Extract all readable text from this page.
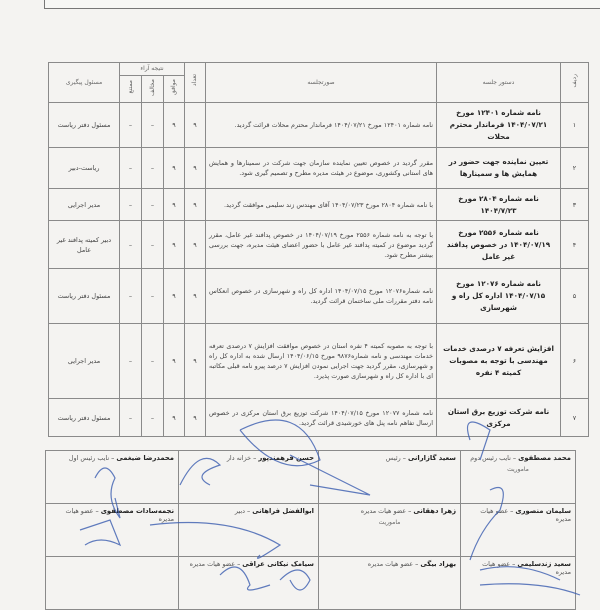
ردیف	دستور جلسه	صورتجلسه	تعداد	نتیجه آراء			مسئول پیگیری
				موافق	مخالف	ممتنع	
۱	نامه شماره ۱۲۴۰۱ مورخ ۱۴۰۴/۰۷/۲۱ فرماندار محترم محلات	نامه شماره ۱۲۴۰۱ مورخ ۱۴۰۴/۰۷/۲۱ فرماندار محترم محلات قرائت گردید.	۹	۹	–	–	مسئول دفتر ریاست
۲	تعیین نماینده جهت حضور در همایش ها و سمینارها	مقرر گردید در خصوص تعیین نماینده سازمان جهت شرکت در سمینارها و همایش های استانی وکشوری، موضوع در هیئت مدیره مطرح و تصمیم گیری شود.	۹	۹	–	–	ریاست-دبیر
۳	نامه شماره ۲۸۰۴ مورخ ۱۴۰۴/۷/۲۳	با نامه شماره ۲۸۰۴ مورخ ۱۴۰۴/۰۷/۲۳ آقای مهندس زند سلیمی موافقت گردید.	۹	۹	–	–	مدیر اجرایی
۴	نامه شماره ۲۵۵۶ مورخ ۱۴۰۴/۰۷/۱۹ در خصوص پدافند غیر عامل	با توجه به نامه شماره ۲۵۵۶ مورخ ۱۴۰۴/۰۷/۱۹ در خصوص پدافند غیر عامل، مقرر گردید موضوع در کمیته پدافند غیر عامل با حضور اعضای هیئت مدیره، جهت بررسی بیشتر مطرح شود.	۹	۹	–	–	دبیر کمیته پدافند غیر عامل
۵	نامه شماره ۱۲۰۷۶ مورخ ۱۴۰۴/۰۷/۱۵ اداره کل راه و شهرسازی	نامه شماره۱۲۰۷۶ مورخ ۱۴۰۴/۰۷/۱۵ اداره کل راه و شهرسازی در خصوص انعکاس نامه دفتر مقررات ملی ساختمان قرائت گردید.	۹	۹	–	–	مسئول دفتر ریاست
۶	افزایش تعرفه ۷ درصدی خدمات مهندسی با توجه به مصوبات کمیته ۴ نفره	با توجه به مصوبه کمیته ۴ نفره استان در خصوص موافقت افزایش ۷ درصدی تعرفه خدمات مهندسی و نامه شماره۹۸۷۶ مورخ ۱۴۰۴/۰۶/۱۵ ارسال شده به اداره کل راه و شهرسازی، مقرر گردید جهت اجرایی نمودن افزایش ۷ درصد پیرو نامه قبلی مکاتبه ای با اداره کل راه و شهرسازی صورت پذیرد.	۹	۹	–	–	مدیر اجرایی
۷	نامه شرکت توزیع برق استان مرکزی	نامه شماره ۱۲۰۷۷ مورخ ۱۴۰۴/۰۷/۱۵ شرکت توزیع برق استان مرکزی در خصوص ارسال تفاهم نامه پنل های خورشیدی قرائت گردید.	۹	۹	–	–	مسئول دفتر ریاست
محمد مصطفوی – نایب رئیس دوم
ماموریت	سعید گازارانی – رئیس	حسن فرهمندپور – خزانه دار	محمدرضا ضیغمی – نایب رئیس اول
سلیمان منصوری – عضو هیات مدیره	زهرا دهقانی – عضو هیات مدیره
ماموریت	ابوالفضل فراهانی – دبیر	نجمه‌سادات مصطفوی – عضو هیات مدیره
سعید زندسلیمی – عضو هیات مدیره	بهزاد بیگی – عضو هیات مدیره	سیامک نیکانی عراقی – عضو هیات مدیره	
